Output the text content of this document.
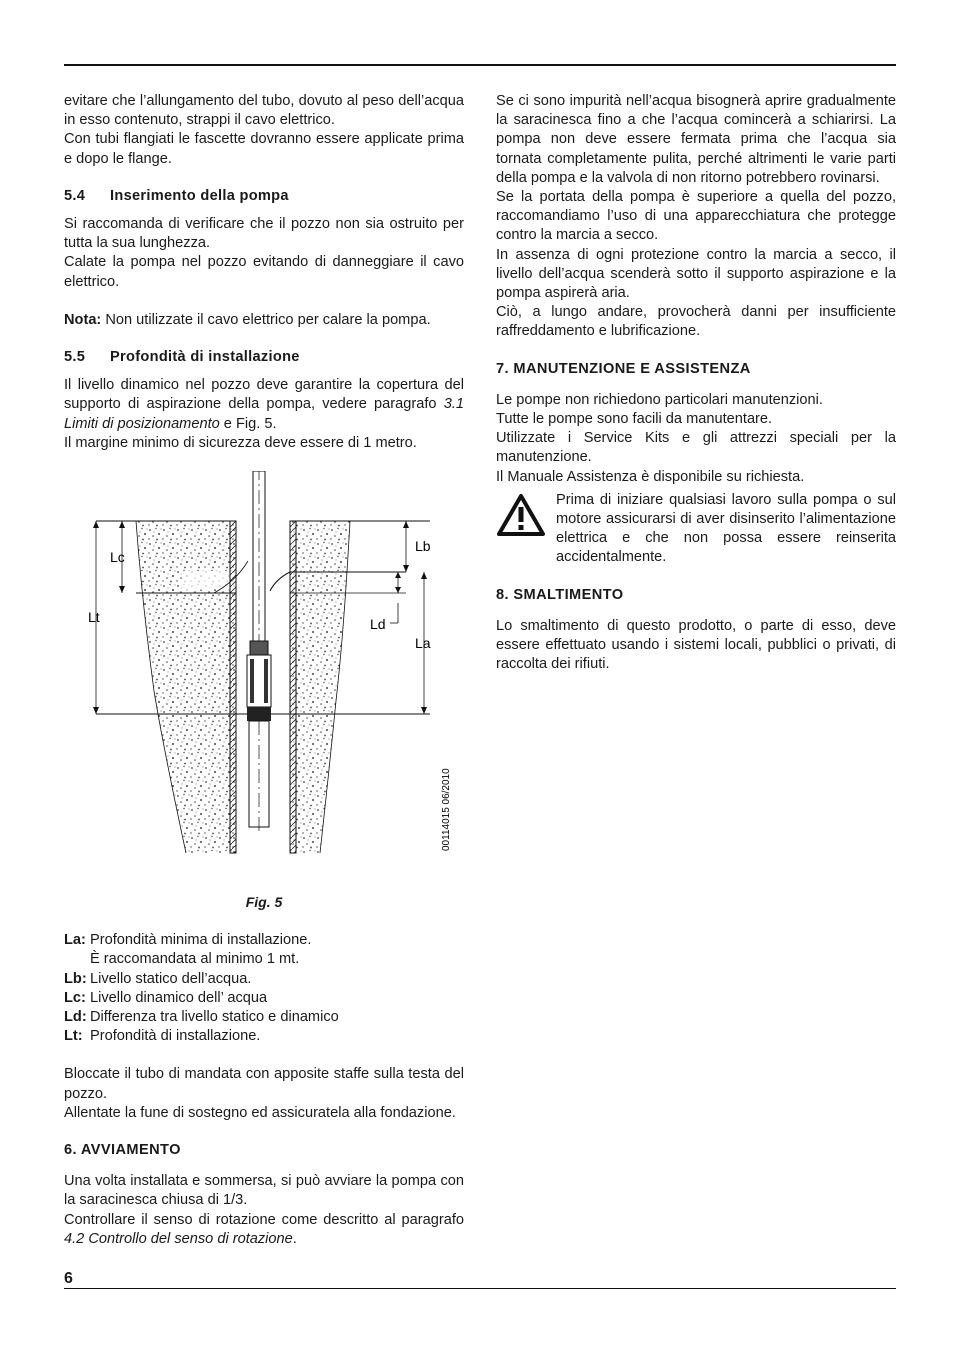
evitare che l’allungamento del tubo, dovuto al peso dell’acqua in esso contenuto, strappi il cavo elettrico.

Con tubi flangiati le fascette dovranno essere applicate prima e dopo le flange.

5.4 Inserimento della pompa

Si raccomanda di verificare che il pozzo non sia ostruito per tutta la sua lunghezza.

Calate la pompa nel pozzo evitando di danneggiare il cavo elettrico.

Nota: Non utilizzate il cavo elettrico per calare la pompa.

5.5 Profondità di installazione

Il livello dinamico nel pozzo deve garantire la copertura del supporto di aspirazione della pompa, vedere paragrafo 3.1 Limiti di posizionamento e Fig. 5.

Il margine minimo di sicurezza deve essere di 1 metro.

Lc
Lt
Lb
Ld
La
00114015 06/2010
Fig. 5
La: Profondità minima di installazione.
È raccomandata al minimo 1 mt.
Lb: Livello statico dell’acqua.
Lc: Livello dinamico dell’ acqua
Ld: Differenza tra livello statico e dinamico
Lt: Profondità di installazione.

Bloccate il tubo di mandata con apposite staffe sulla testa del pozzo.

Allentate la fune di sostegno ed assicuratela alla fondazione.

6. AVVIAMENTO

Una volta installata e sommersa, si può avviare la pompa con la saracinesca chiusa di 1/3.

Controllare il senso di rotazione come descritto al paragrafo 4.2 Controllo del senso di rotazione.

Se ci sono impurità nell’acqua bisognerà aprire gradualmente la saracinesca fino a che l’acqua comincerà a schiarirsi. La pompa non deve essere fermata prima che l’acqua sia tornata completamente pulita, perché altrimenti le varie parti della pompa e la valvola di non ritorno potrebbero rovinarsi.

Se la portata della pompa è superiore a quella del pozzo, raccomandiamo l’uso di una apparecchiatura che protegge contro la marcia a secco.

In assenza di ogni protezione contro la marcia a secco, il livello dell’acqua scenderà sotto il supporto aspirazione e la pompa aspirerà aria.

Ciò, a lungo andare, provocherà danni per insufficiente raffreddamento e lubrificazione.

7. MANUTENZIONE E ASSISTENZA

Le pompe non richiedono particolari manutenzioni.

Tutte le pompe sono facili da manutentare.

Utilizzate i Service Kits e gli attrezzi speciali per la manutenzione.

Il Manuale Assistenza è disponibile su richiesta.

Prima di iniziare qualsiasi lavoro sulla pompa o sul motore assicurarsi di aver disinserito l’alimentazione elettrica e che non possa essere reinserita accidentalmente.

8. SMALTIMENTO

Lo smaltimento di questo prodotto, o parte di esso, deve essere effettuato usando i sistemi locali, pubblici o privati, di raccolta dei rifiuti.

6
